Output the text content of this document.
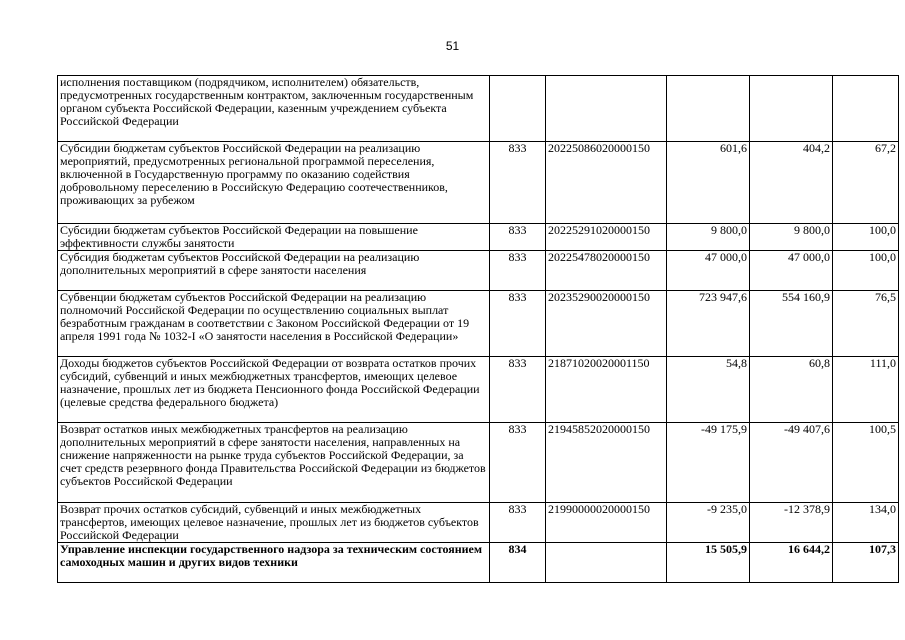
51
исполнения поставщиком (подрядчиком, исполнителем) обязательств, предусмотренных государственным контрактом, заключенным государственным органом субъекта Российской Федерации, казенным учреждением субъекта Российской Федерации					
Субсидии бюджетам субъектов Российской Федерации на реализацию мероприятий, предусмотренных региональной программой переселения, включенной в Государственную программу по оказанию содействия добровольному переселению в Российскую Федерацию соотечественников, проживающих за рубежом	833	20225086020000150	601,6	404,2	67,2
Субсидии бюджетам субъектов Российской Федерации на повышение эффективности службы занятости	833	20225291020000150	9 800,0	9 800,0	100,0
Субсидия бюджетам субъектов Российской Федерации на реализацию дополнительных мероприятий в сфере занятости населения	833	20225478020000150	47 000,0	47 000,0	100,0
Субвенции бюджетам субъектов Российской Федерации на реализацию полномочий Российской Федерации по осуществлению социальных выплат безработным гражданам в соответствии с Законом Российской Федерации от 19 апреля 1991 года № 1032-I «О занятости населения в Российской Федерации»	833	20235290020000150	723 947,6	554 160,9	76,5
Доходы бюджетов субъектов Российской Федерации от возврата остатков прочих субсидий, субвенций и иных межбюджетных трансфертов, имеющих целевое назначение, прошлых лет из бюджета Пенсионного фонда Российской Федерации (целевые средства федерального бюджета)	833	21871020020001150	54,8	60,8	111,0
Возврат остатков иных межбюджетных трансфертов на реализацию дополнительных мероприятий в сфере занятости населения, направленных на снижение напряженности на рынке труда субъектов Российской Федерации, за счет средств резервного фонда Правительства Российской Федерации из бюджетов субъектов Российской Федерации	833	21945852020000150	-49 175,9	-49 407,6	100,5
Возврат прочих остатков субсидий, субвенций и иных межбюджетных трансфертов, имеющих целевое назначение, прошлых лет из бюджетов субъектов Российской Федерации	833	21990000020000150	-9 235,0	-12 378,9	134,0
Управление инспекции государственного надзора за техническим состоянием самоходных машин и других видов техники	834		15 505,9	16 644,2	107,3
